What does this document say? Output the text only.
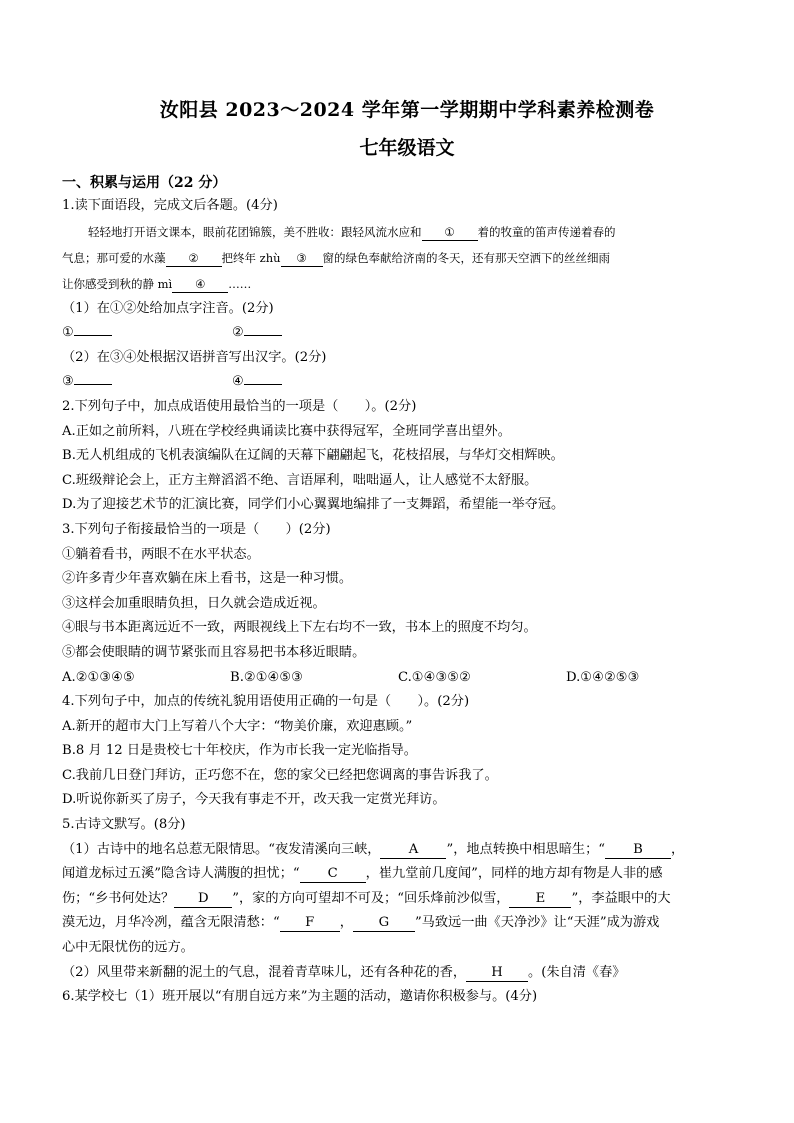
汝阳县 2023～2024 学年第一学期期中学科素养检测卷
七年级语文
一、积累与运用（22 分）
1.读下面语段，完成文后各题。(4分)
轻轻地打开语文课本，眼前花团锦簇，美不胜收：跟轻风流水应和 ① 着的牧童的笛声传递着春的
气息；那可爱的水藻 ② 把终年 zhù ③ 窗的绿色奉献给济南的冬天，还有那天空洒下的丝丝细雨
让你感受到秋的静 mì ④ ……
（1）在①②处给加点字注音。(2分)
①	②
（2）在③④处根据汉语拼音写出汉字。(2分)
③	④
2.下列句子中，加点成语使用最恰当的一项是（　　）。(2分)
A.正如之前所料，八班在学校经典诵读比赛中获得冠军，全班同学喜出望外。
B.无人机组成的飞机表演编队在辽阔的天幕下翩翩起飞，花枝招展，与华灯交相辉映。
C.班级辩论会上，正方主辩滔滔不绝、言语犀利，咄咄逼人，让人感觉不太舒服。
D.为了迎接艺术节的汇演比赛，同学们小心翼翼地编排了一支舞蹈，希望能一举夺冠。
3.下列句子衔接最恰当的一项是（　　）(2分)
①躺着看书，两眼不在水平状态。
②许多青少年喜欢躺在床上看书，这是一种习惯。
③这样会加重眼睛负担，日久就会造成近视。
④眼与书本距离远近不一致，两眼视线上下左右均不一致，书本上的照度不均匀。
⑤都会使眼睛的调节紧张而且容易把书本移近眼睛。
A.②①③④⑤	B.②①④⑤③	C.①④③⑤②	D.①④②⑤③
4.下列句子中，加点的传统礼貌用语使用正确的一句是（　　）。(2分)
A.新开的超市大门上写着八个大字：“物美价廉，欢迎惠顾。”
B.8 月 12 日是贵校七十年校庆，作为市长我一定光临指导。
C.我前几日登门拜访，正巧您不在，您的家父已经把您调离的事告诉我了。
D.听说你新买了房子，今天我有事走不开，改天我一定赏光拜访。
5.古诗文默写。(8分)
（1）古诗中的地名总惹无限情思。“夜发清溪向三峡， A ”，地点转换中相思暗生；“ B ，
闻道龙标过五溪”隐含诗人满腹的担忧；“ C ，崔九堂前几度闻”，同样的地方却有物是人非的感
伤；“乡书何处达？ D ”，家的方向可望却不可及；“回乐烽前沙似雪， E ”，李益眼中的大
漠无边，月华冷冽，蕴含无限清愁：“ F ， G ”马致远一曲《天净沙》让“天涯”成为游戏
心中无限忧伤的远方。
（2）风里带来新翻的泥土的气息，混着青草味儿，还有各种花的香， H 。(朱自清《春》
6.某学校七（1）班开展以“有朋自远方来”为主题的活动，邀请你积极参与。(4分)
